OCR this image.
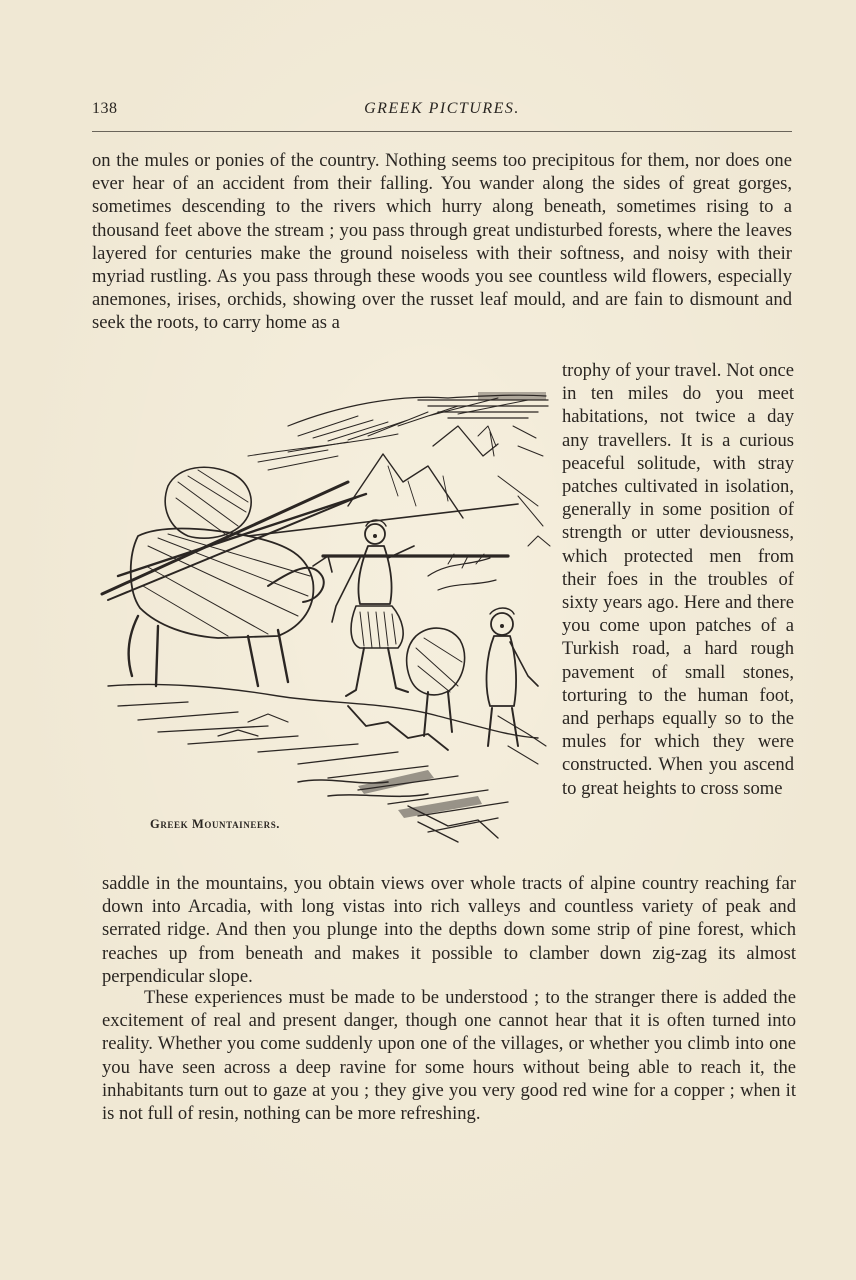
138	GREEK PICTURES.

on the mules or ponies of the country. Nothing seems too precipitous for them, nor does one ever hear of an accident from their falling. You wander along the sides of great gorges, sometimes descending to the rivers which hurry along beneath, sometimes rising to a thousand feet above the stream ; you pass through great undisturbed forests, where the leaves layered for centuries make the ground noiseless with their softness, and noisy with their myriad rustling. As you pass through these woods you see countless wild flowers, especially anemones, irises, orchids, showing over the russet leaf mould, and are fain to dismount and seek the roots, to carry home as a

Greek Mountaineers.

trophy of your travel. Not once in ten miles do you meet habitations, not twice a day any travellers. It is a curious peaceful solitude, with stray patches cultivated in isolation, generally in some position of strength or utter deviousness, which protected men from their foes in the troubles of sixty years ago. Here and there you come upon patches of a Turkish road, a hard rough pavement of small stones, torturing to the human foot, and perhaps equally so to the mules for which they were constructed. When you ascend to great heights to cross some

saddle in the mountains, you obtain views over whole tracts of alpine country reaching far down into Arcadia, with long vistas into rich valleys and countless variety of peak and serrated ridge. And then you plunge into the depths down some strip of pine forest, which reaches up from beneath and makes it possible to clamber down zig-zag its almost perpendicular slope.

These experiences must be made to be understood ; to the stranger there is added the excitement of real and present danger, though one cannot hear that it is often turned into reality. Whether you come suddenly upon one of the villages, or whether you climb into one you have seen across a deep ravine for some hours without being able to reach it, the inhabitants turn out to gaze at you ; they give you very good red wine for a copper ; when it is not full of resin, nothing can be more refreshing.
